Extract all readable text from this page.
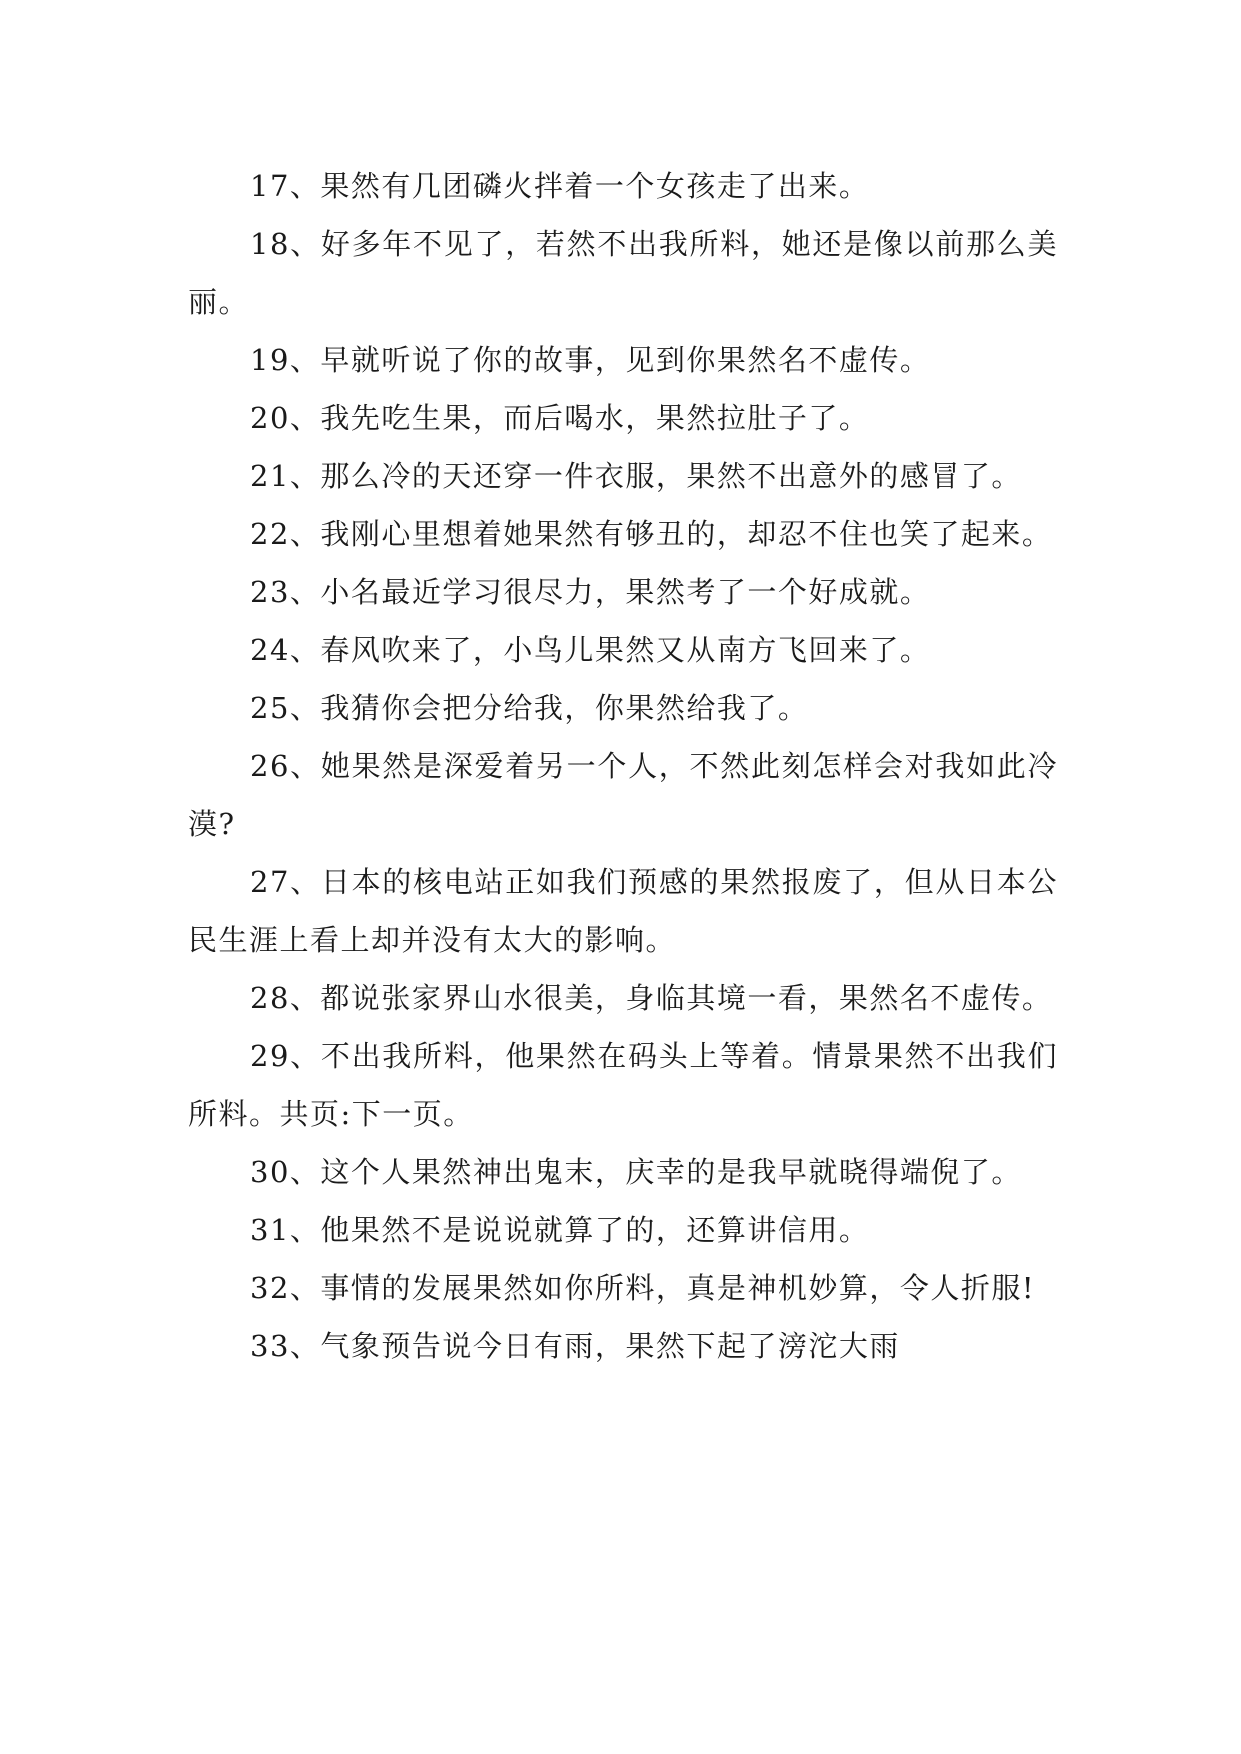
17、果然有几团磷火拌着一个女孩走了出来。

18、好多年不见了，若然不出我所料，她还是像以前那么美丽。

19、早就听说了你的故事，见到你果然名不虚传。

20、我先吃生果，而后喝水，果然拉肚子了。

21、那么冷的天还穿一件衣服，果然不出意外的感冒了。

22、我刚心里想着她果然有够丑的，却忍不住也笑了起来。

23、小名最近学习很尽力，果然考了一个好成就。

24、春风吹来了，小鸟儿果然又从南方飞回来了。

25、我猜你会把分给我，你果然给我了。

26、她果然是深爱着另一个人，不然此刻怎样会对我如此冷漠?

27、日本的核电站正如我们预感的果然报废了，但从日本公民生涯上看上却并没有太大的影响。

28、都说张家界山水很美，身临其境一看，果然名不虚传。

29、不出我所料，他果然在码头上等着。情景果然不出我们所料。共页:下一页。

30、这个人果然神出鬼末，庆幸的是我早就晓得端倪了。

31、他果然不是说说就算了的，还算讲信用。

32、事情的发展果然如你所料，真是神机妙算，令人折服!

33、气象预告说今日有雨，果然下起了滂沱大雨
